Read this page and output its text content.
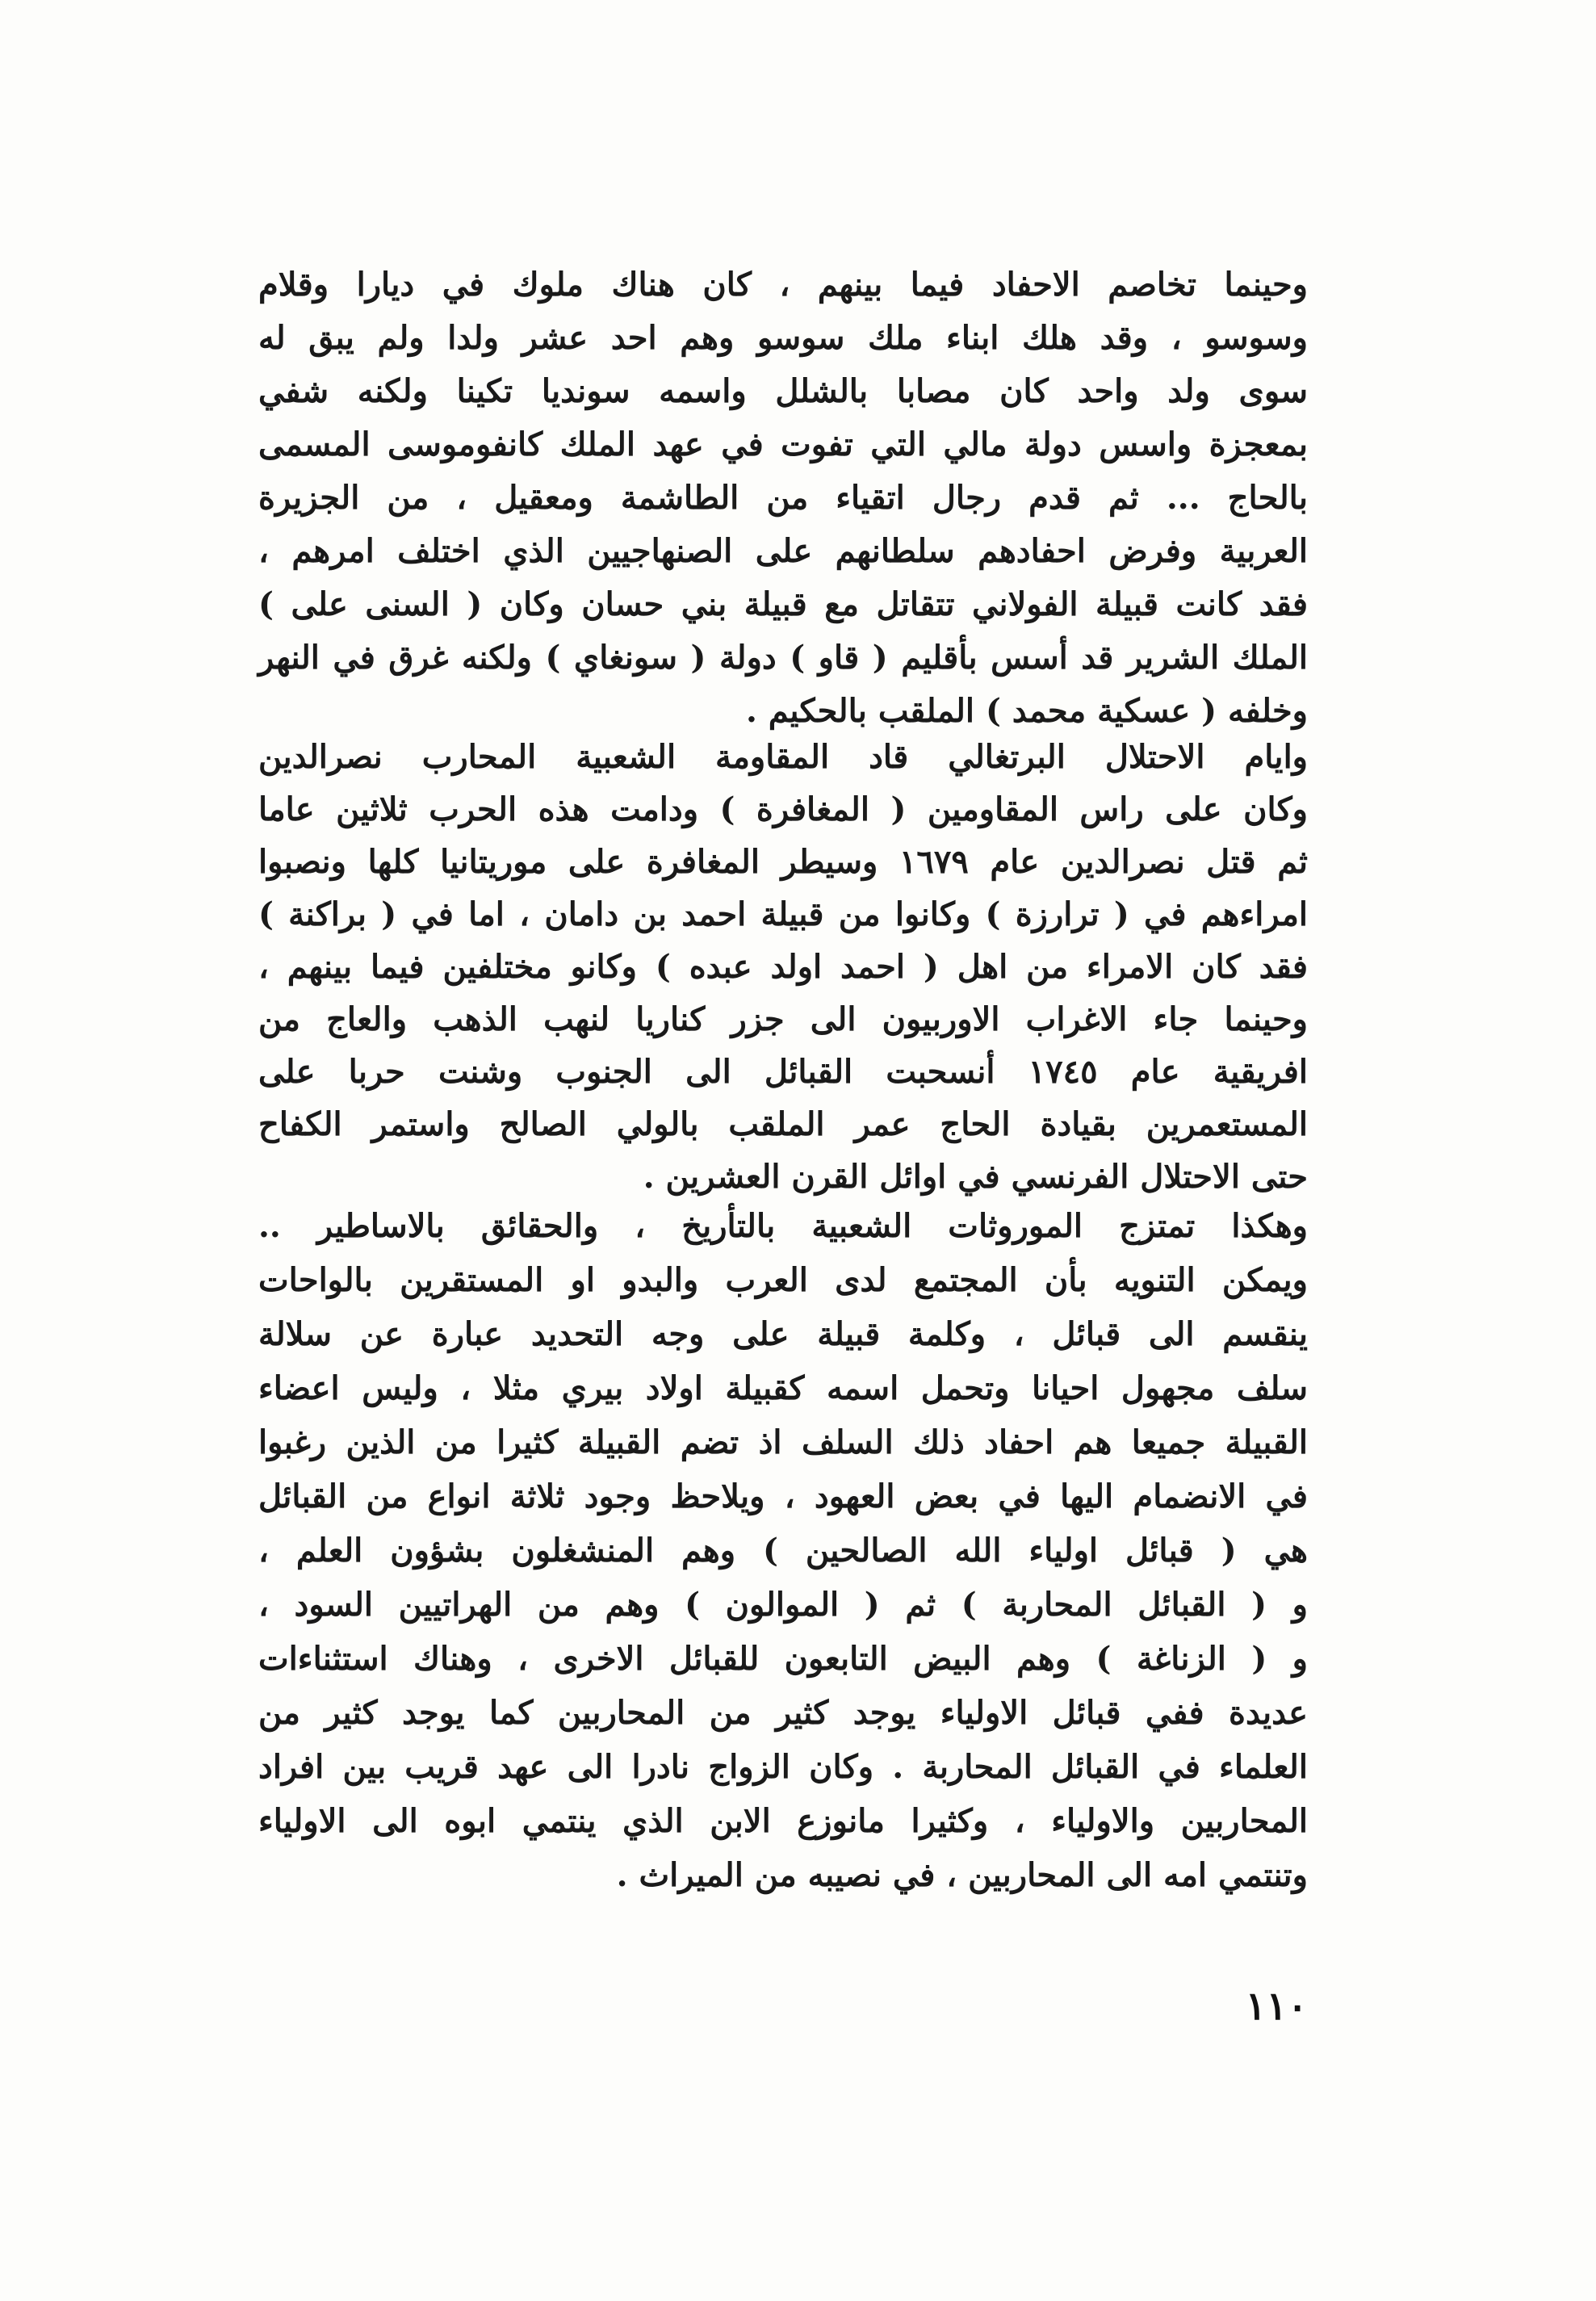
وحينما تخاصم الاحفاد فيما بينهم ، كان هناك ملوك في ديارا وقلام
وسوسو ، وقد هلك ابناء ملك سوسو وهم احد عشر ولدا ولم يبق له
سوى ولد واحد كان مصابا بالشلل واسمه سونديا تكينا ولكنه شفي
بمعجزة واسس دولة مالي التي تفوت في عهد الملك كانفوموسى المسمى
بالحاج ... ثم قدم رجال اتقياء من الطاشمة ومعقيل ، من الجزيرة
العربية وفرض احفادهم سلطانهم على الصنهاجيين الذي اختلف امرهم ،
فقد كانت قبيلة الفولاني تتقاتل مع قبيلة بني حسان وكان ( السنى على )
الملك الشرير قد أسس بأقليم ( قاو ) دولة ( سونغاي ) ولكنه غرق في النهر
وخلفه ( عسكية محمد ) الملقب بالحكيم .
وايام الاحتلال البرتغالي قاد المقاومة الشعبية المحارب نصرالدين
وكان على راس المقاومين ( المغافرة ) ودامت هذه الحرب ثلاثين عاما
ثم قتل نصرالدين عام ١٦٧٩ وسيطر المغافرة على موريتانيا كلها ونصبوا
امراءهم في ( ترارزة ) وكانوا من قبيلة احمد بن دامان ، اما في ( براكنة )
فقد كان الامراء من اهل ( احمد اولد عبده ) وكانو مختلفين فيما بينهم ،
وحينما جاء الاغراب الاوربيون الى جزر كناريا لنهب الذهب والعاج من
افريقية عام ١٧٤٥ أنسحبت القبائل الى الجنوب وشنت حربا على
المستعمرين بقيادة الحاج عمر الملقب بالولي الصالح واستمر الكفاح
حتى الاحتلال الفرنسي في اوائل القرن العشرين .
وهكذا تمتزج الموروثات الشعبية بالتأريخ ، والحقائق بالاساطير ..
ويمكن التنويه بأن المجتمع لدى العرب والبدو او المستقرين بالواحات
ينقسم الى قبائل ، وكلمة قبيلة على وجه التحديد عبارة عن سلالة
سلف مجهول احيانا وتحمل اسمه كقبيلة اولاد بيري مثلا ، وليس اعضاء
القبيلة جميعا هم احفاد ذلك السلف اذ تضم القبيلة كثيرا من الذين رغبوا
في الانضمام اليها في بعض العهود ، ويلاحظ وجود ثلاثة انواع من القبائل
هي ( قبائل اولياء الله الصالحين ) وهم المنشغلون بشؤون العلم ،
و ( القبائل المحاربة ) ثم ( الموالون ) وهم من الهراتيين السود ،
و ( الزناغة ) وهم البيض التابعون للقبائل الاخرى ، وهناك استثناءات
عديدة ففي قبائل الاولياء يوجد كثير من المحاربين كما يوجد كثير من
العلماء في القبائل المحاربة . وكان الزواج نادرا الى عهد قريب بين افراد
المحاربين والاولياء ، وكثيرا مانوزع الابن الذي ينتمي ابوه الى الاولياء
وتنتمي امه الى المحاربين ، في نصيبه من الميراث .
١١٠
